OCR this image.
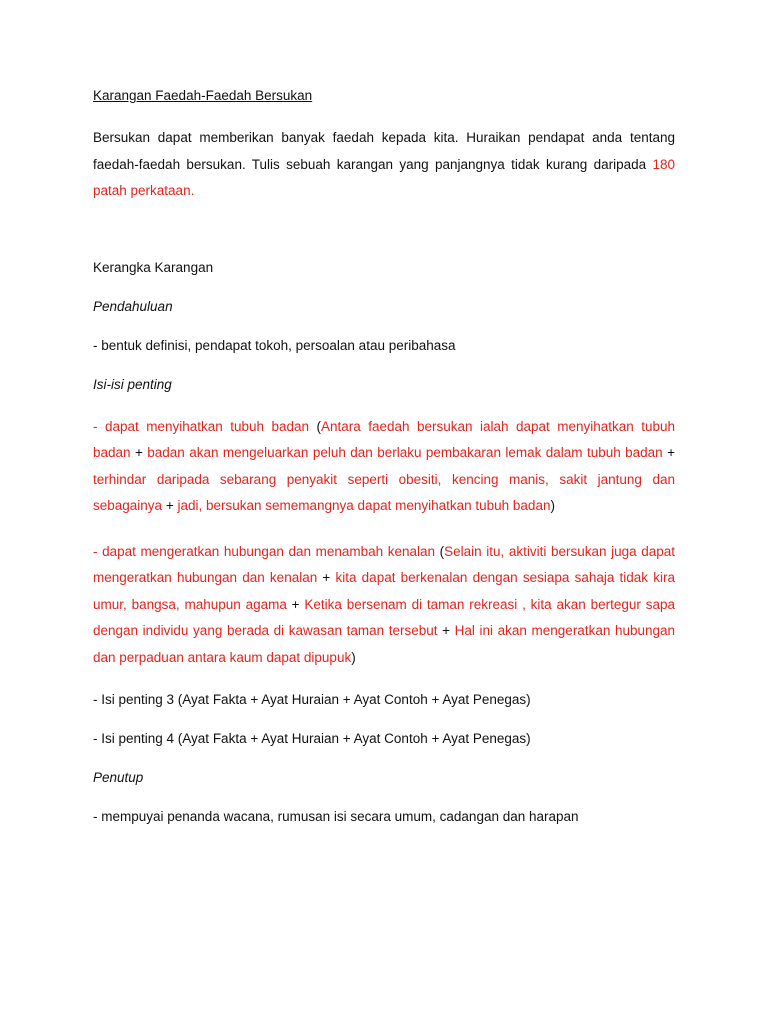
Karangan Faedah-Faedah Bersukan

Bersukan dapat memberikan banyak faedah kepada kita. Huraikan pendapat anda tentang faedah-faedah bersukan. Tulis sebuah karangan yang panjangnya tidak kurang daripada 180 patah perkataan.

Kerangka Karangan

Pendahuluan

- bentuk definisi, pendapat tokoh, persoalan atau peribahasa

Isi-isi penting

- dapat menyihatkan tubuh badan (Antara faedah bersukan ialah dapat menyihatkan tubuh badan + badan akan mengeluarkan peluh dan berlaku pembakaran lemak dalam tubuh badan + terhindar daripada sebarang penyakit seperti obesiti, kencing manis, sakit jantung dan sebagainya + jadi, bersukan sememangnya dapat menyihatkan tubuh badan)

- dapat mengeratkan hubungan dan menambah kenalan (Selain itu, aktiviti bersukan juga dapat mengeratkan hubungan dan kenalan + kita dapat berkenalan dengan sesiapa sahaja tidak kira umur, bangsa, mahupun agama + Ketika bersenam di taman rekreasi , kita akan bertegur sapa dengan individu yang berada di kawasan taman tersebut + Hal ini akan mengeratkan hubungan dan perpaduan antara kaum dapat dipupuk)

- Isi penting 3 (Ayat Fakta + Ayat Huraian + Ayat Contoh + Ayat Penegas)

- Isi penting 4 (Ayat Fakta + Ayat Huraian + Ayat Contoh + Ayat Penegas)

Penutup

- mempuyai penanda wacana, rumusan isi secara umum, cadangan dan harapan
